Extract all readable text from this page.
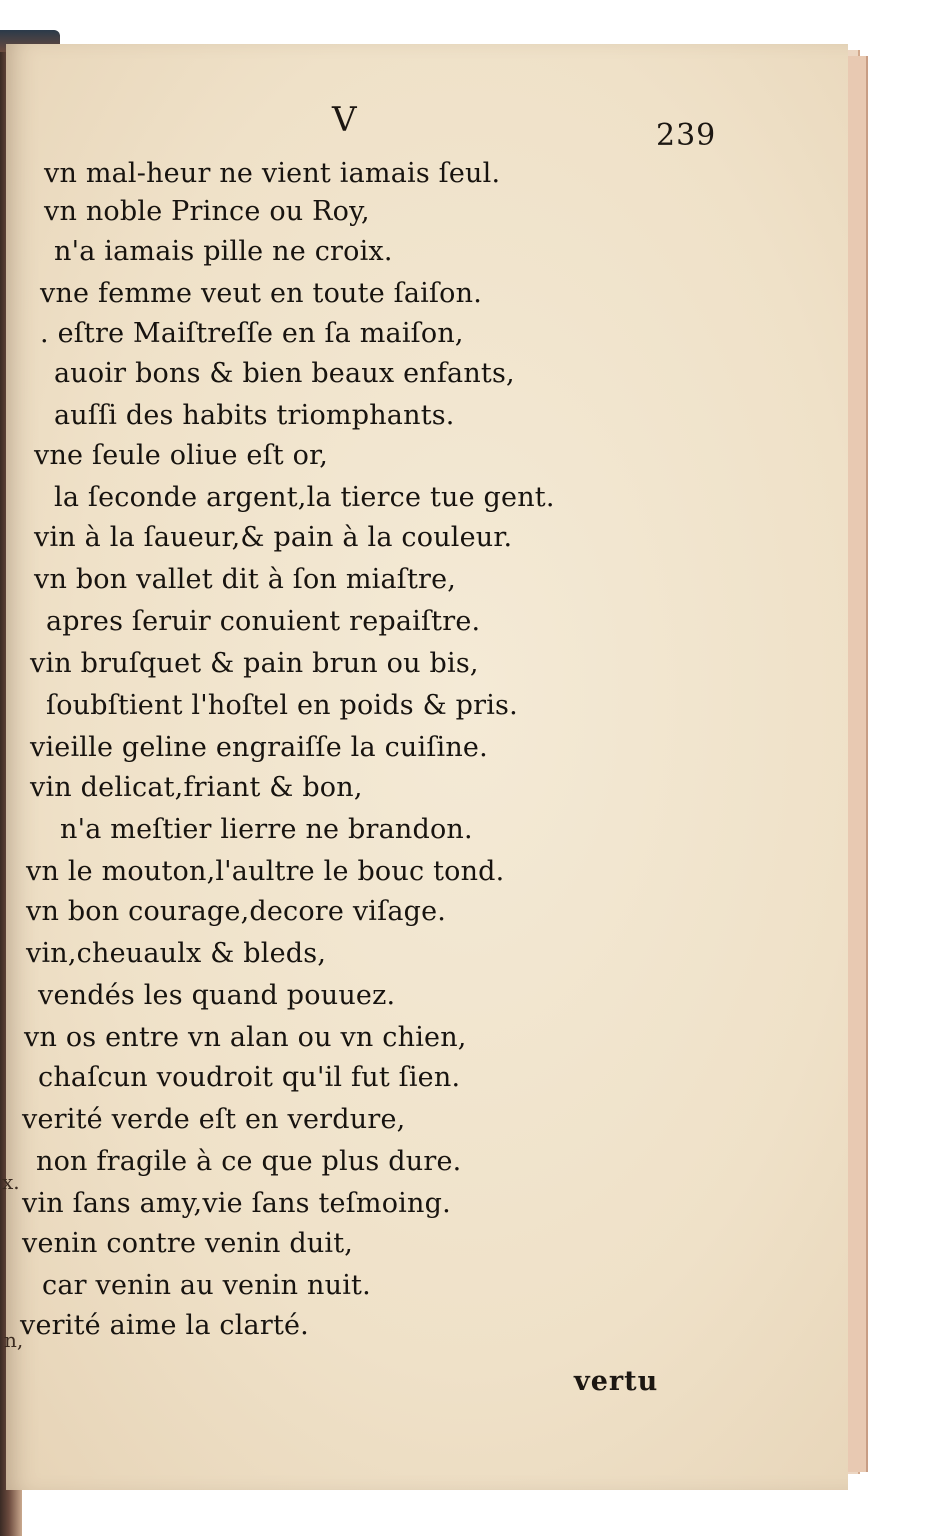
V	239
vn mal-heur ne vient iamais ſeul.
vn noble Prince ou Roy,
n'a iamais pille ne croix.
vne femme veut en toute ſaiſon.
. eſtre Maiſtreſſe en ſa maiſon,
auoir bons & bien beaux enfants,
auſſi des habits triomphants.
vne ſeule oliue eſt or,
la ſeconde argent,la tierce tue gent.
vin à la ſaueur,& pain à la couleur.
vn bon vallet dit à ſon miaſtre,
apres ſeruir conuient repaiſtre.
vin bruſquet & pain brun ou bis,
ſoubſtient l'hoſtel en poids & pris.
vieille geline engraiſſe la cuiſine.
vin delicat,friant & bon,
n'a meſtier lierre ne brandon.
vn le mouton,l'aultre le bouc tond.
vn bon courage,decore viſage.
vin,cheuaulx & bleds,
vendés les quand pouuez.
vn os entre vn alan ou vn chien,
chaſcun voudroit qu'il fut ſien.
verité verde eſt en verdure,
non fragile à ce que plus dure.
vin ſans amy,vie ſans teſmoing.
venin contre venin duit,
car venin au venin nuit.
verité aime la clarté.
x.
n,
vertu
